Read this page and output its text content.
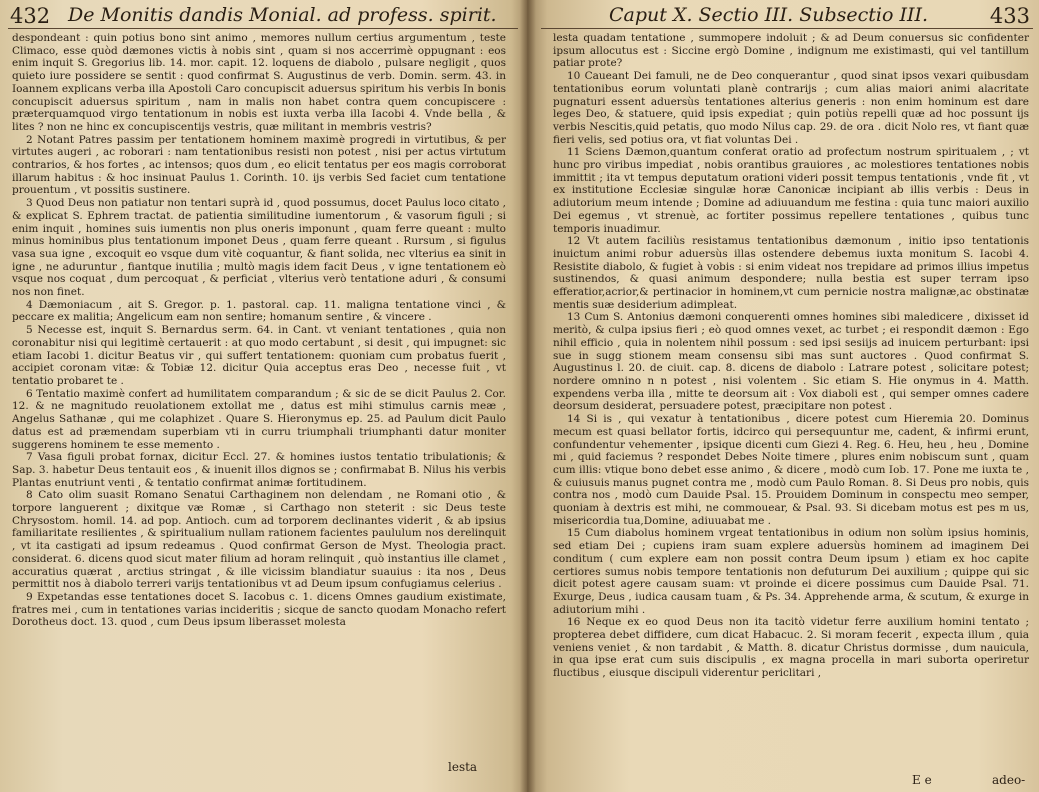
432 De Monitis dandis Monial. ad profess. spirit.

despondeant : quin potius bono sint animo , memores nullum certius argumentum , teste Climaco, esse quòd dæmones victis à nobis sint , quam si nos accerrimè oppugnant : eos enim inquit S. Gregorius lib. 14. mor. capit. 12. loquens de diabolo , pulsare negligit , quos quieto iure possidere se sentit : quod confirmat S. Augustinus de verb. Domin. serm. 43. in Ioannem explicans verba illa Apostoli Caro concupiscit aduersus spiritum his verbis In bonis concupiscit aduersus spiritum , nam in malis non habet contra quem concupiscere : præterquamquod virgo tentationum in nobis est iuxta verba illa Iacobi 4. Vnde bella , & lites ? non ne hinc ex concupiscentijs vestris, quæ militant in membris vestris?

2 Notant Patres passim per tentationem hominem maximè progredi in virtutibus, & per virtutes augeri , ac roborari : nam tentationibus resisti non potest , nisi per actus virtutum contrarios, & hos fortes , ac intensos; quos dum , eo elicit tentatus per eos magis corroborat illarum habitus : & hoc insinuat Paulus 1. Corinth. 10. ijs verbis Sed faciet cum tentatione prouentum , vt possitis sustinere.

3 Quod Deus non patiatur non tentari suprà id , quod possumus, docet Paulus loco citato , & explicat S. Ephrem tractat. de patientia similitudine iumentorum , & vasorum figuli ; si enim inquit , homines suis iumentis non plus oneris imponunt , quam ferre queant : multo minus hominibus plus tentationum imponet Deus , quam ferre queant . Rursum , si figulus vasa sua igne , excoquit eo vsque dum vitè coquantur, & fiant solida, nec vlterius ea sinit in igne , ne aduruntur , fiantque inutilia ; multò magis idem facit Deus , v igne tentationem eò vsque nos coquat , dum percoquat , & perficiat , vlterius verò tentatione aduri , & consumi nos non finet.

4 Dæmoniacum , ait S. Gregor. p. 1. pastoral. cap. 11. maligna tentatione vinci , & peccare ex malitia; Angelicum eam non sentire; homanum sentire , & vincere .

5 Necesse est, inquit S. Bernardus serm. 64. in Cant. vt veniant tentationes , quia non coronabitur nisi qui legitimè certauerit : at quo modo certabunt , si desit , qui impugnet: sic etiam Iacobi 1. dicitur Beatus vir , qui suffert tentationem: quoniam cum probatus fuerit , accipiet coronam vitæ: & Tobiæ 12. dicitur Quia acceptus eras Deo , necesse fuit , vt tentatio probaret te .

6 Tentatio maximè confert ad humilitatem comparandum ; & sic de se dicit Paulus 2. Cor. 12. & ne magnitudo reuolationem extollat me , datus est mihi stimulus carnis meæ , Angelus Sathanæ , qui me colaphizet . Quare S. Hieronymus ep. 25. ad Paulum dicit Paulo datus est ad præmendam superbiam vti in curru triumphali triumphanti datur moniter suggerens hominem te esse memento .

7 Vasa figuli probat fornax, dicitur Eccl. 27. & homines iustos tentatio tribulationis; & Sap. 3. habetur Deus tentauit eos , & inuenit illos dignos se ; confirmabat B. Nilus his verbis Plantas enutriunt venti , & tentatio confirmat animæ fortitudinem.

8 Cato olim suasit Romano Senatui Carthaginem non delendam , ne Romani otio , & torpore languerent ; dixitque væ Romæ , si Carthago non steterit : sic Deus teste Chrysostom. homil. 14. ad pop. Antioch. cum ad torporem declinantes viderit , & ab ipsius familiaritate resilientes , & spiritualium nullam rationem facientes paululum nos derelinquit , vt ita castigati ad ipsum redeamus . Quod confirmat Gerson de Myst. Theologia pract. considerat. 6. dicens quod sicut mater filium ad horam relinquit , quò instantius ille clamet , accuratius quærat , arctius stringat , & ille vicissim blandiatur suauius : ita nos , Deus permittit nos à diabolo terreri varijs tentationibus vt ad Deum ipsum confugiamus celerius .

9 Expetandas esse tentationes docet S. Iacobus c. 1. dicens Omnes gaudium existimate, fratres mei , cum in tentationes varias incideritis ; sicque de sancto quodam Monacho refert Dorotheus doct. 13. quod , cum Deus ipsum liberasset molesta

lesta
Caput X. Sectio III. Subsectio III.	433

lesta quadam tentatione , summopere indoluit ; & ad Deum conuersus sic confidenter ipsum allocutus est : Siccine ergò Domine , indignum me existimasti, qui vel tantillum patiar prote?

10 Caueant Dei famuli, ne de Deo conquerantur , quod sinat ipsos vexari quibusdam tentationibus eorum voluntati planè contrarijs ; cum alias maiori animi alacritate pugnaturi essent aduersùs tentationes alterius generis : non enim hominum est dare leges Deo, & statuere, quid ipsis expediat ; quin potiùs repelli quæ ad hoc possunt ijs verbis Nescitis,quid petatis, quo modo Nilus cap. 29. de ora . dicit Nolo res, vt fiant quæ fieri velis, sed potius ora, vt fiat voluntas Dei .

11 Sciens Dæmon,quantum conferat oratio ad profectum nostrum spiritualem , ; vt hunc pro viribus impediat , nobis orantibus grauiores , ac molestiores tentationes nobis immittit ; ita vt tempus deputatum orationi videri possit tempus tentationis , vnde fit , vt ex institutione Ecclesiæ singulæ horæ Canonicæ incipiant ab illis verbis : Deus in adiutorium meum intende ; Domine ad adiuuandum me festina : quia tunc maiori auxilio Dei egemus , vt strenuè, ac fortiter possimus repellere tentationes , quibus tunc temporis inuadimur.

12 Vt autem faciliùs resistamus tentationibus dæmonum , initio ipso tentationis inuictum animi robur aduersùs illas ostendere debemus iuxta monitum S. Iacobi 4. Resistite diabolo, & fugiet à vobis : si enim videat nos trepidare ad primos illius impetus sustinendos, & quasi animum despondere; nulla bestia est super terram ipso efferatior,acrior,& pertinacior in hominem,vt cum pernicie nostra malignæ,ac obstinatæ mentis suæ desiderium adimpleat.

13 Cum S. Antonius dæmoni conquerenti omnes homines sibi maledicere , dixisset id meritò, & culpa ipsius fieri ; eò quod omnes vexet, ac turbet ; ei respondit dæmon : Ego nihil efficio , quia in nolentem nihil possum : sed ipsi sesiijs ad inuicem perturbant: ipsi sue in sugg stionem meam consensu sibi mas sunt auctores . Quod confirmat S. Augustinus l. 20. de ciuit. cap. 8. dicens de diabolo : Latrare potest , solicitare potest; nordere omnino n n potest , nisi volentem . Sic etiam S. Hie onymus in 4. Matth. expendens verba illa , mitte te deorsum ait : Vox diaboli est , qui semper omnes cadere deorsum desiderat, persuadere potest, præcipitare non potest .

14 Si is , qui vexatur à tentationibus , dicere potest cum Hieremia 20. Dominus mecum est quasi bellator fortis, idcirco qui persequuntur me, cadent, & infirmi erunt, confundentur vehementer , ipsique dicenti cum Giezi 4. Reg. 6. Heu, heu , heu , Domine mi , quid faciemus ? respondet Debes Noite timere , plures enim nobiscum sunt , quam cum illis: vtique bono debet esse animo , & dicere , modò cum Iob. 17. Pone me iuxta te , & cuiusuis manus pugnet contra me , modò cum Paulo Roman. 8. Si Deus pro nobis, quis contra nos , modò cum Dauide Psal. 15. Prouidem Dominum in conspectu meo semper, quoniam à dextris est mihi, ne commouear, & Psal. 93. Si dicebam motus est pes m us, misericordia tua,Domine, adiuuabat me .

15 Cum diabolus hominem vrgeat tentationibus in odium non solùm ipsius hominis, sed etiam Dei ; cupiens iram suam explere aduersùs hominem ad imaginem Dei conditum ( cum explere eam non possit contra Deum ipsum ) etiam ex hoc capite certiores sumus nobis tempore tentationis non defuturum Dei auxilium ; quippe qui sic dicit potest agere causam suam: vt proinde ei dicere possimus cum Dauide Psal. 71. Exurge, Deus , iudica causam tuam , & Ps. 34. Apprehende arma, & scutum, & exurge in adiutorium mihi .

16 Neque ex eo quod Deus non ita tacitò videtur ferre auxilium homini tentato ; propterea debet diffidere, cum dicat Habacuc. 2. Si moram fecerit , expecta illum , quia veniens veniet , & non tardabit , & Matth. 8. dicatur Christus dormisse , dum nauicula, in qua ipse erat cum suis discipulis , ex magna procella in mari suborta operiretur fluctibus , eiusque discipuli viderentur periclitari ,

E e	adeo-
